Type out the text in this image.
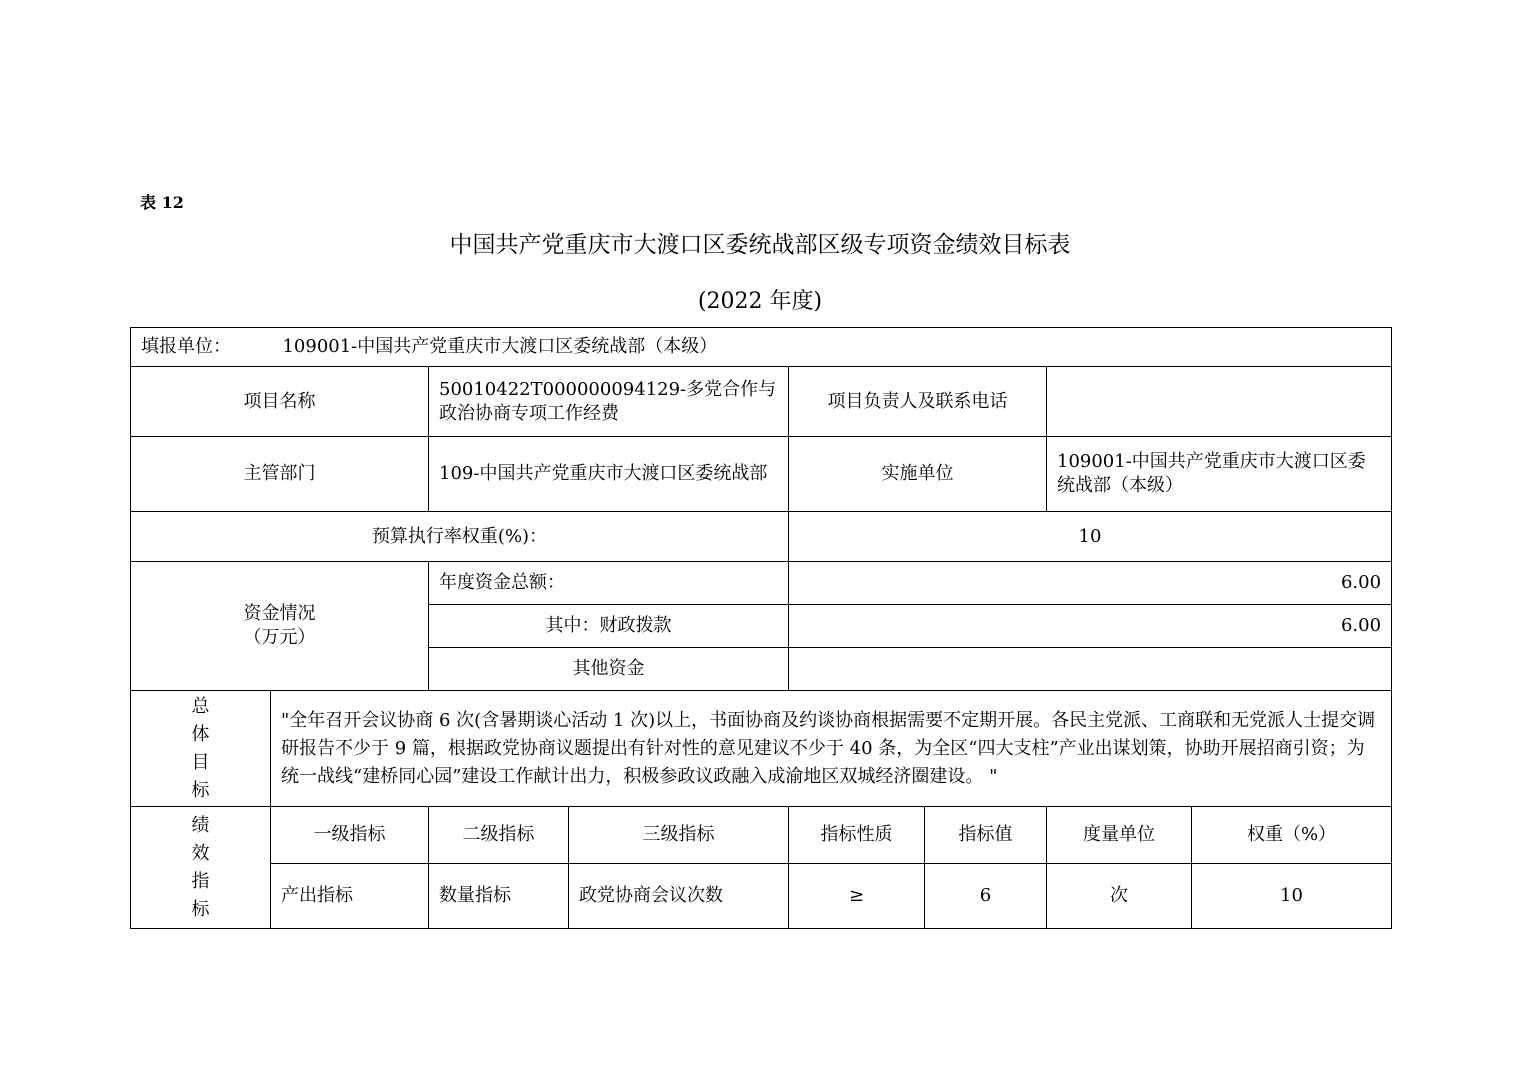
表 12
中国共产党重庆市大渡口区委统战部区级专项资金绩效目标表
(2022 年度)
填报单位： 109001-中国共产党重庆市大渡口区委统战部（本级）							
项目名称		50010422T000000094129-多党合作与政治协商专项工作经费		项目负责人及联系电话			
主管部门		109-中国共产党重庆市大渡口区委统战部		实施单位		109001-中国共产党重庆市大渡口区委统战部（本级）	
预算执行率权重(%)：				10			

资金情况
（万元）		年度资金总额：		6.00			
		其中：财政拨款		6.00			
		其他资金					

总
体
目
标	"全年召开会议协商 6 次(含暑期谈心活动 1 次)以上，书面协商及约谈协商根据需要不定期开展。各民主党派、工商联和无党派人士提交调研报告不少于 9 篇，根据政党协商议题提出有针对性的意见建议不少于 40 条，为全区“四大支柱”产业出谋划策，协助开展招商引资；为统一战线“建桥同心园”建设工作献计出力，积极参政议政融入成渝地区双城经济圈建设。 "						

绩
效
指
标	一级指标	二级指标	三级指标	指标性质	指标值	度量单位	权重（%）
	产出指标	数量指标	政党协商会议次数	≥	6	次	10
